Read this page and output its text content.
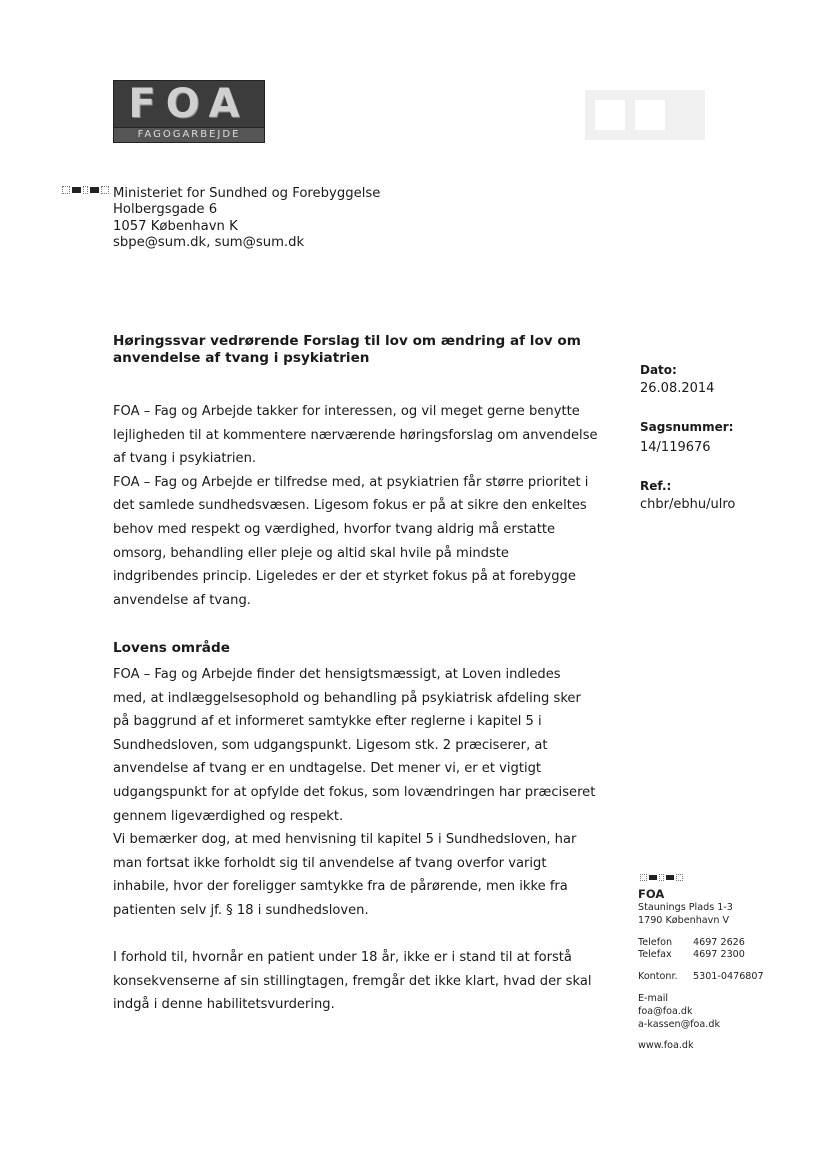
FOA
FAGOGARBEJDE
Ministeriet for Sundhed og Forebyggelse
Holbergsgade 6
1057 København K
sbpe@sum.dk, sum@sum.dk
Høringssvar vedrørende Forslag til lov om ændring af lov om anvendelse af tvang i psykiatrien
Dato:
26.08.2014
Sagsnummer:
14/119676
Ref.:
chbr/ebhu/ulro

FOA – Fag og Arbejde takker for interessen, og vil meget gerne benytte lejligheden til at kommentere nærværende høringsforslag om anvendelse af tvang i psykiatrien.

FOA – Fag og Arbejde er tilfredse med, at psykiatrien får større prioritet i det samlede sundhedsvæsen. Ligesom fokus er på at sikre den enkeltes behov med respekt og værdighed, hvorfor tvang aldrig må erstatte omsorg, behandling eller pleje og altid skal hvile på mindste indgribendes princip. Ligeledes er der et styrket fokus på at forebygge anvendelse af tvang.

Lovens område

FOA – Fag og Arbejde finder det hensigtsmæssigt, at Loven indledes med, at indlæggelsesophold og behandling på psykiatrisk afdeling sker på baggrund af et informeret samtykke efter reglerne i kapitel 5 i Sundhedsloven, som udgangspunkt. Ligesom stk. 2 præciserer, at anvendelse af tvang er en undtagelse. Det mener vi, er et vigtigt udgangspunkt for at opfylde det fokus, som lovændringen har præciseret gennem ligeværdighed og respekt.

Vi bemærker dog, at med henvisning til kapitel 5 i Sundhedsloven, har man fortsat ikke forholdt sig til anvendelse af tvang overfor varigt inhabile, hvor der foreligger samtykke fra de pårørende, men ikke fra patienten selv jf. § 18 i sundhedsloven.

I forhold til, hvornår en patient under 18 år, ikke er i stand til at forstå konsekvenserne af sin stillingtagen, fremgår det ikke klart, hvad der skal indgå i denne habilitetsvurdering.

FOA
Staunings Plads 1-3
1790 København V
Telefon	4697 2626
Telefax	4697 2300
Kontonr.	5301-0476807
E-mail
foa@foa.dk
a-kassen@foa.dk
www.foa.dk
